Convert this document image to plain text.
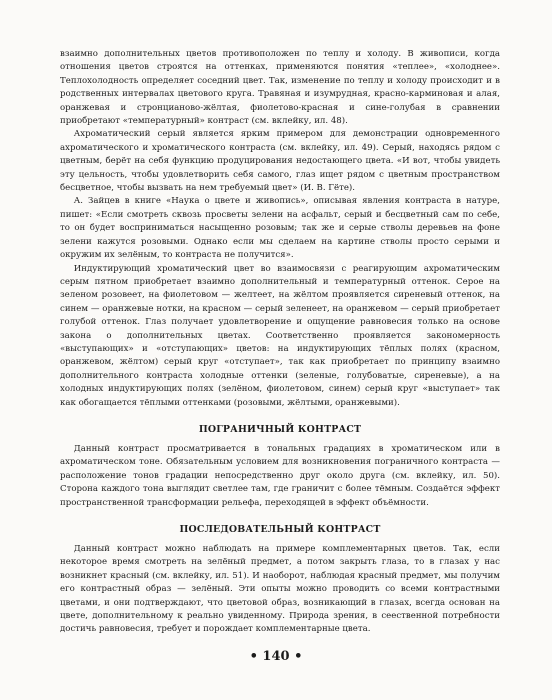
взаимно дополнительных цветов противоположен по теплу и холоду. В живописи, когда отношения цветов строятся на оттенках, применяются понятия «теплее», «холоднее». Теплохолодность определяет соседний цвет. Так, изменение по теплу и холоду происходит и в родственных интервалах цветового круга. Травяная и изумрудная, красно-карминовая и алая, оранжевая и стронцианово-жёлтая, фиолетово-красная и сине-голубая в сравнении приобретают «температурный» контраст (см. вклейку, ил. 48).

Ахроматический серый является ярким примером для демонстрации одновременного ахроматического и хроматического контраста (см. вклейку, ил. 49). Серый, находясь рядом с цветным, берёт на себя функцию продуцирования недостающего цвета. «И вот, чтобы увидеть эту цельность, чтобы удовлетворить себя самого, глаз ищет рядом с цветным пространством бесцветное, чтобы вызвать на нем требуемый цвет» (И. В. Гёте).

А. Зайцев в книге «Наука о цвете и живопись», описывая явления контраста в натуре, пишет: «Если смотреть сквозь просветы зелени на асфальт, серый и бесцветный сам по себе, то он будет восприниматься насыщенно розовым; так же и серые стволы деревьев на фоне зелени кажутся розовыми. Однако если мы сделаем на картине стволы просто серыми и окружим их зелёным, то контраста не получится».

Индуктирующий хроматический цвет во взаимосвязи с реагирующим ахроматическим серым пятном приобретает взаимно дополнительный и температурный оттенок. Серое на зеленом розовеет, на фиолетовом — желтеет, на жёлтом проявляется сиреневый оттенок, на синем — оранжевые нотки, на красном — серый зеленеет, на оранжевом — серый приобретает голубой оттенок. Глаз получает удовлетворение и ощущение равновесия только на основе закона о дополнительных цветах. Соответственно проявляется закономерность «выступающих» и «отступающих» цветов: на индуктирующих тёплых полях (красном, оранжевом, жёлтом) серый круг «отступает», так как приобретает по принципу взаимно дополнительного контраста холодные оттенки (зеленые, голубоватые, сиреневые), а на холодных индуктирующих полях (зелёном, фиолетовом, синем) серый круг «выступает» так как обогащается тёплыми оттенками (розовыми, жёлтыми, оранжевыми).

ПОГРАНИЧНЫЙ КОНТРАСТ

Данный контраст просматривается в тональных градациях в хроматическом или в ахроматическом тоне. Обязательным условием для возникновения пограничного контраста — расположение тонов градации непосредственно друг около друга (см. вклейку, ил. 50). Сторона каждого тона выглядит светлее там, где граничит с более тёмным. Создаётся эффект пространственной трансформации рельефа, переходящей в эффект объёмности.

ПОСЛЕДОВАТЕЛЬНЫЙ КОНТРАСТ

Данный контраст можно наблюдать на примере комплементарных цветов. Так, если некоторое время смотреть на зелёный предмет, а потом закрыть глаза, то в глазах у нас возникнет красный (см. вклейку, ил. 51). И наоборот, наблюдая красный предмет, мы получим его контрастный образ — зелёный. Эти опыты можно проводить со всеми контрастными цветами, и они подтверждают, что цветовой образ, возникающий в глазах, всегда основан на цвете, дополнительному к реально увиденному. Природа зрения, в сеественной потребности достичь равновесия, требует и порождает комплементарные цвета.

• 140 •
